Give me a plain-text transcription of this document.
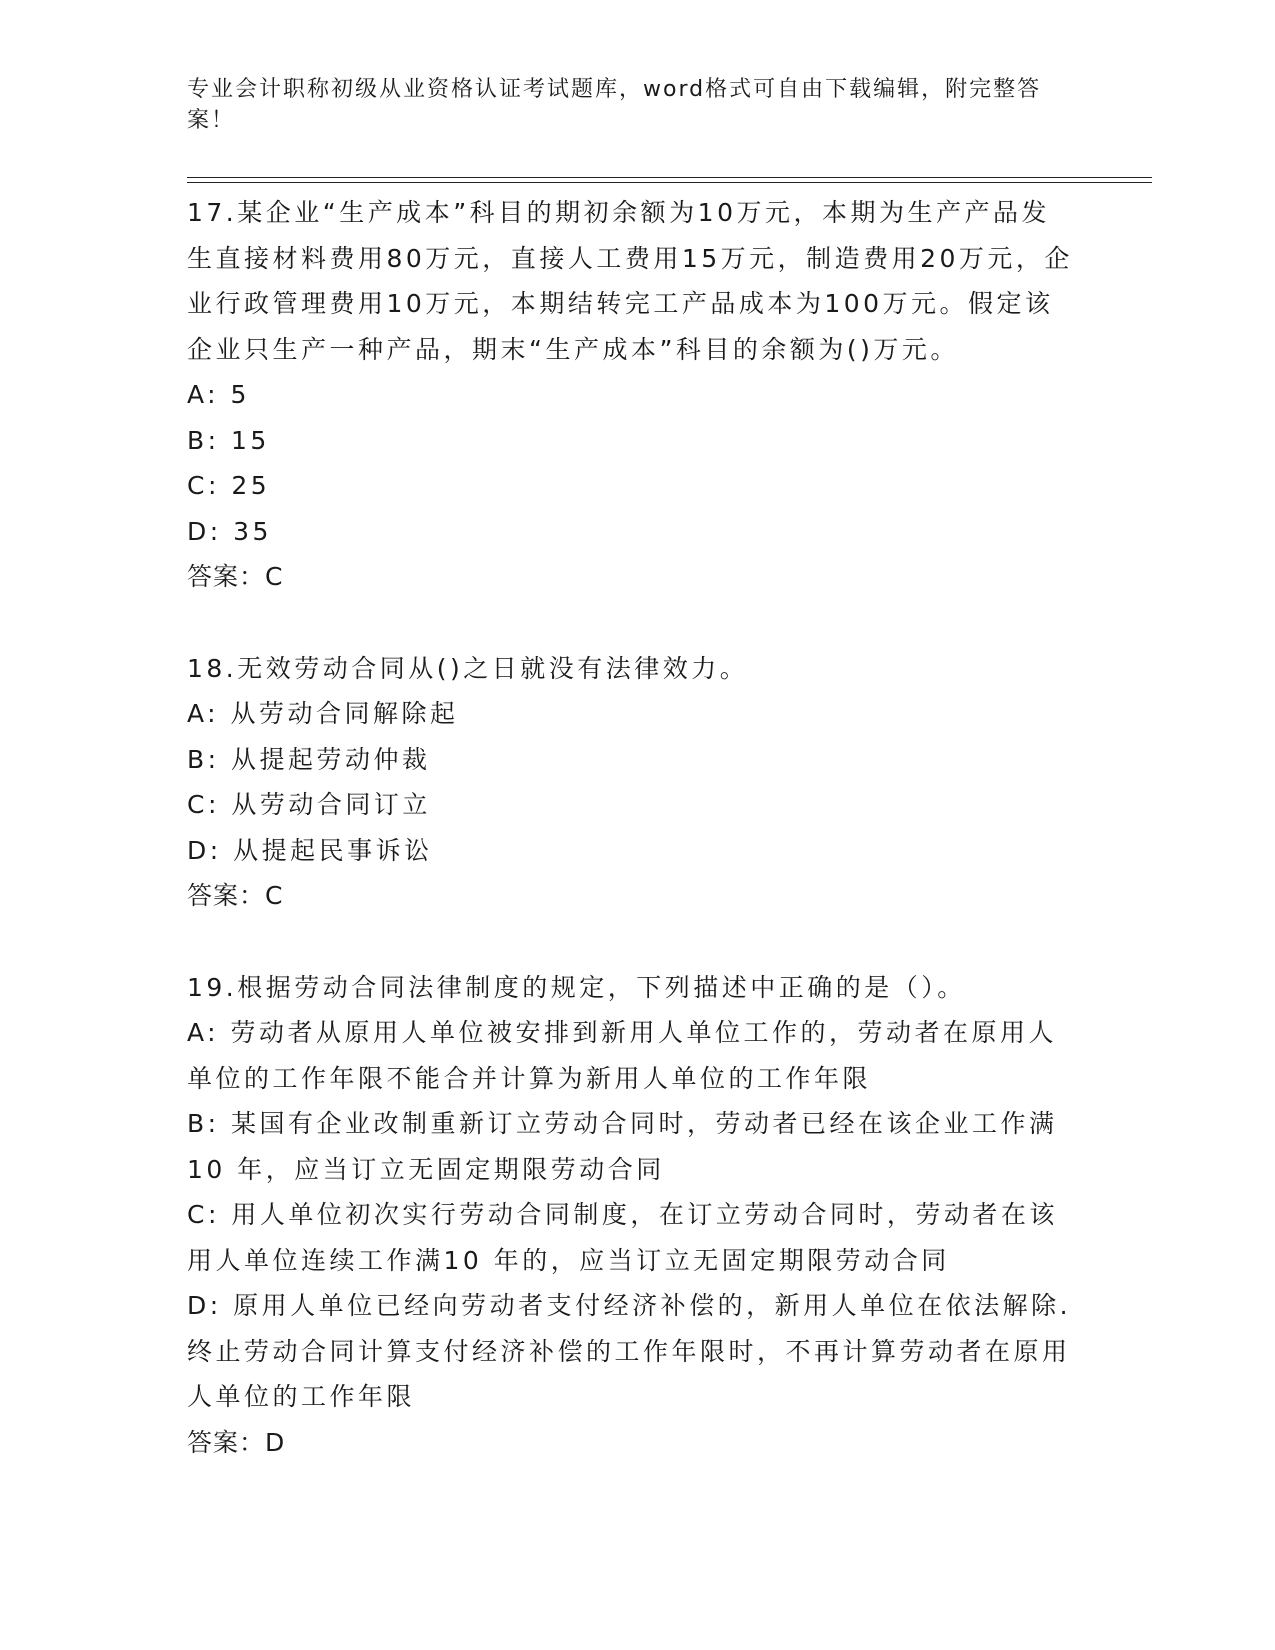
专业会计职称初级从业资格认证考试题库，word格式可自由下载编辑，附完整答案！

17.某企业“生产成本”科目的期初余额为10万元，本期为生产产品发生直接材料费用80万元，直接人工费用15万元，制造费用20万元，企业行政管理费用10万元，本期结转完工产品成本为100万元。假定该企业只生产一种产品，期末“生产成本”科目的余额为()万元。

A: 5

B: 15

C: 25

D: 35

答案：C

18.无效劳动合同从()之日就没有法律效力。

A: 从劳动合同解除起

B: 从提起劳动仲裁

C: 从劳动合同订立

D: 从提起民事诉讼

答案：C

19.根据劳动合同法律制度的规定，下列描述中正确的是（）。

A: 劳动者从原用人单位被安排到新用人单位工作的，劳动者在原用人单位的工作年限不能合并计算为新用人单位的工作年限

B: 某国有企业改制重新订立劳动合同时，劳动者已经在该企业工作满10 年，应当订立无固定期限劳动合同

C: 用人单位初次实行劳动合同制度，在订立劳动合同时，劳动者在该用人单位连续工作满10 年的，应当订立无固定期限劳动合同

D: 原用人单位已经向劳动者支付经济补偿的，新用人单位在依法解除.终止劳动合同计算支付经济补偿的工作年限时，不再计算劳动者在原用人单位的工作年限

答案：D
